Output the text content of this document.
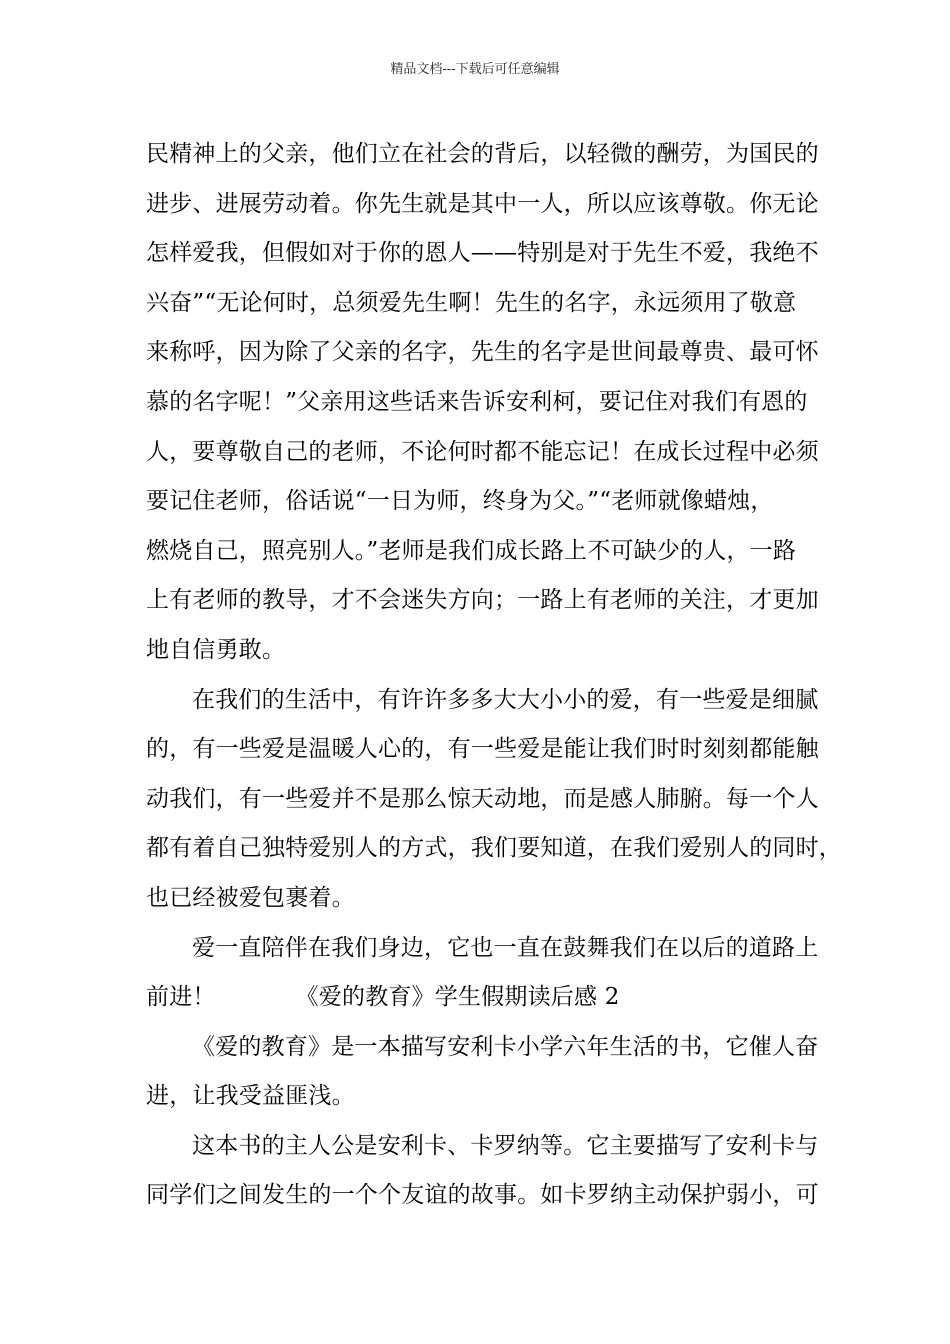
精品文档---下载后可任意编辑
民精神上的父亲，他们立在社会的背后，以轻微的酬劳，为国民的
进步、进展劳动着。你先生就是其中一人，所以应该尊敬。你无论
怎样爱我，但假如对于你的恩人——特别是对于先生不爱，我绝不
兴奋”“无论何时，总须爱先生啊！先生的名字，永远须用了敬意
来称呼，因为除了父亲的名字，先生的名字是世间最尊贵、最可怀
慕的名字呢！”父亲用这些话来告诉安利柯，要记住对我们有恩的
人，要尊敬自己的老师，不论何时都不能忘记！在成长过程中必须
要记住老师，俗话说“一日为师，终身为父。”“老师就像蜡烛，
燃烧自己，照亮别人。”老师是我们成长路上不可缺少的人，一路
上有老师的教导，才不会迷失方向；一路上有老师的关注，才更加
地自信勇敢。
在我们的生活中，有许许多多大大小小的爱，有一些爱是细腻
的，有一些爱是温暖人心的，有一些爱是能让我们时时刻刻都能触
动我们，有一些爱并不是那么惊天动地，而是感人肺腑。每一个人
都有着自己独特爱别人的方式，我们要知道，在我们爱别人的同时，
也已经被爱包裹着。
爱一直陪伴在我们身边，它也一直在鼓舞我们在以后的道路上
前进！	《爱的教育》学生假期读后感 2
《爱的教育》是一本描写安利卡小学六年生活的书，它催人奋
进，让我受益匪浅。
这本书的主人公是安利卡、卡罗纳等。它主要描写了安利卡与
同学们之间发生的一个个友谊的故事。如卡罗纳主动保护弱小，可
